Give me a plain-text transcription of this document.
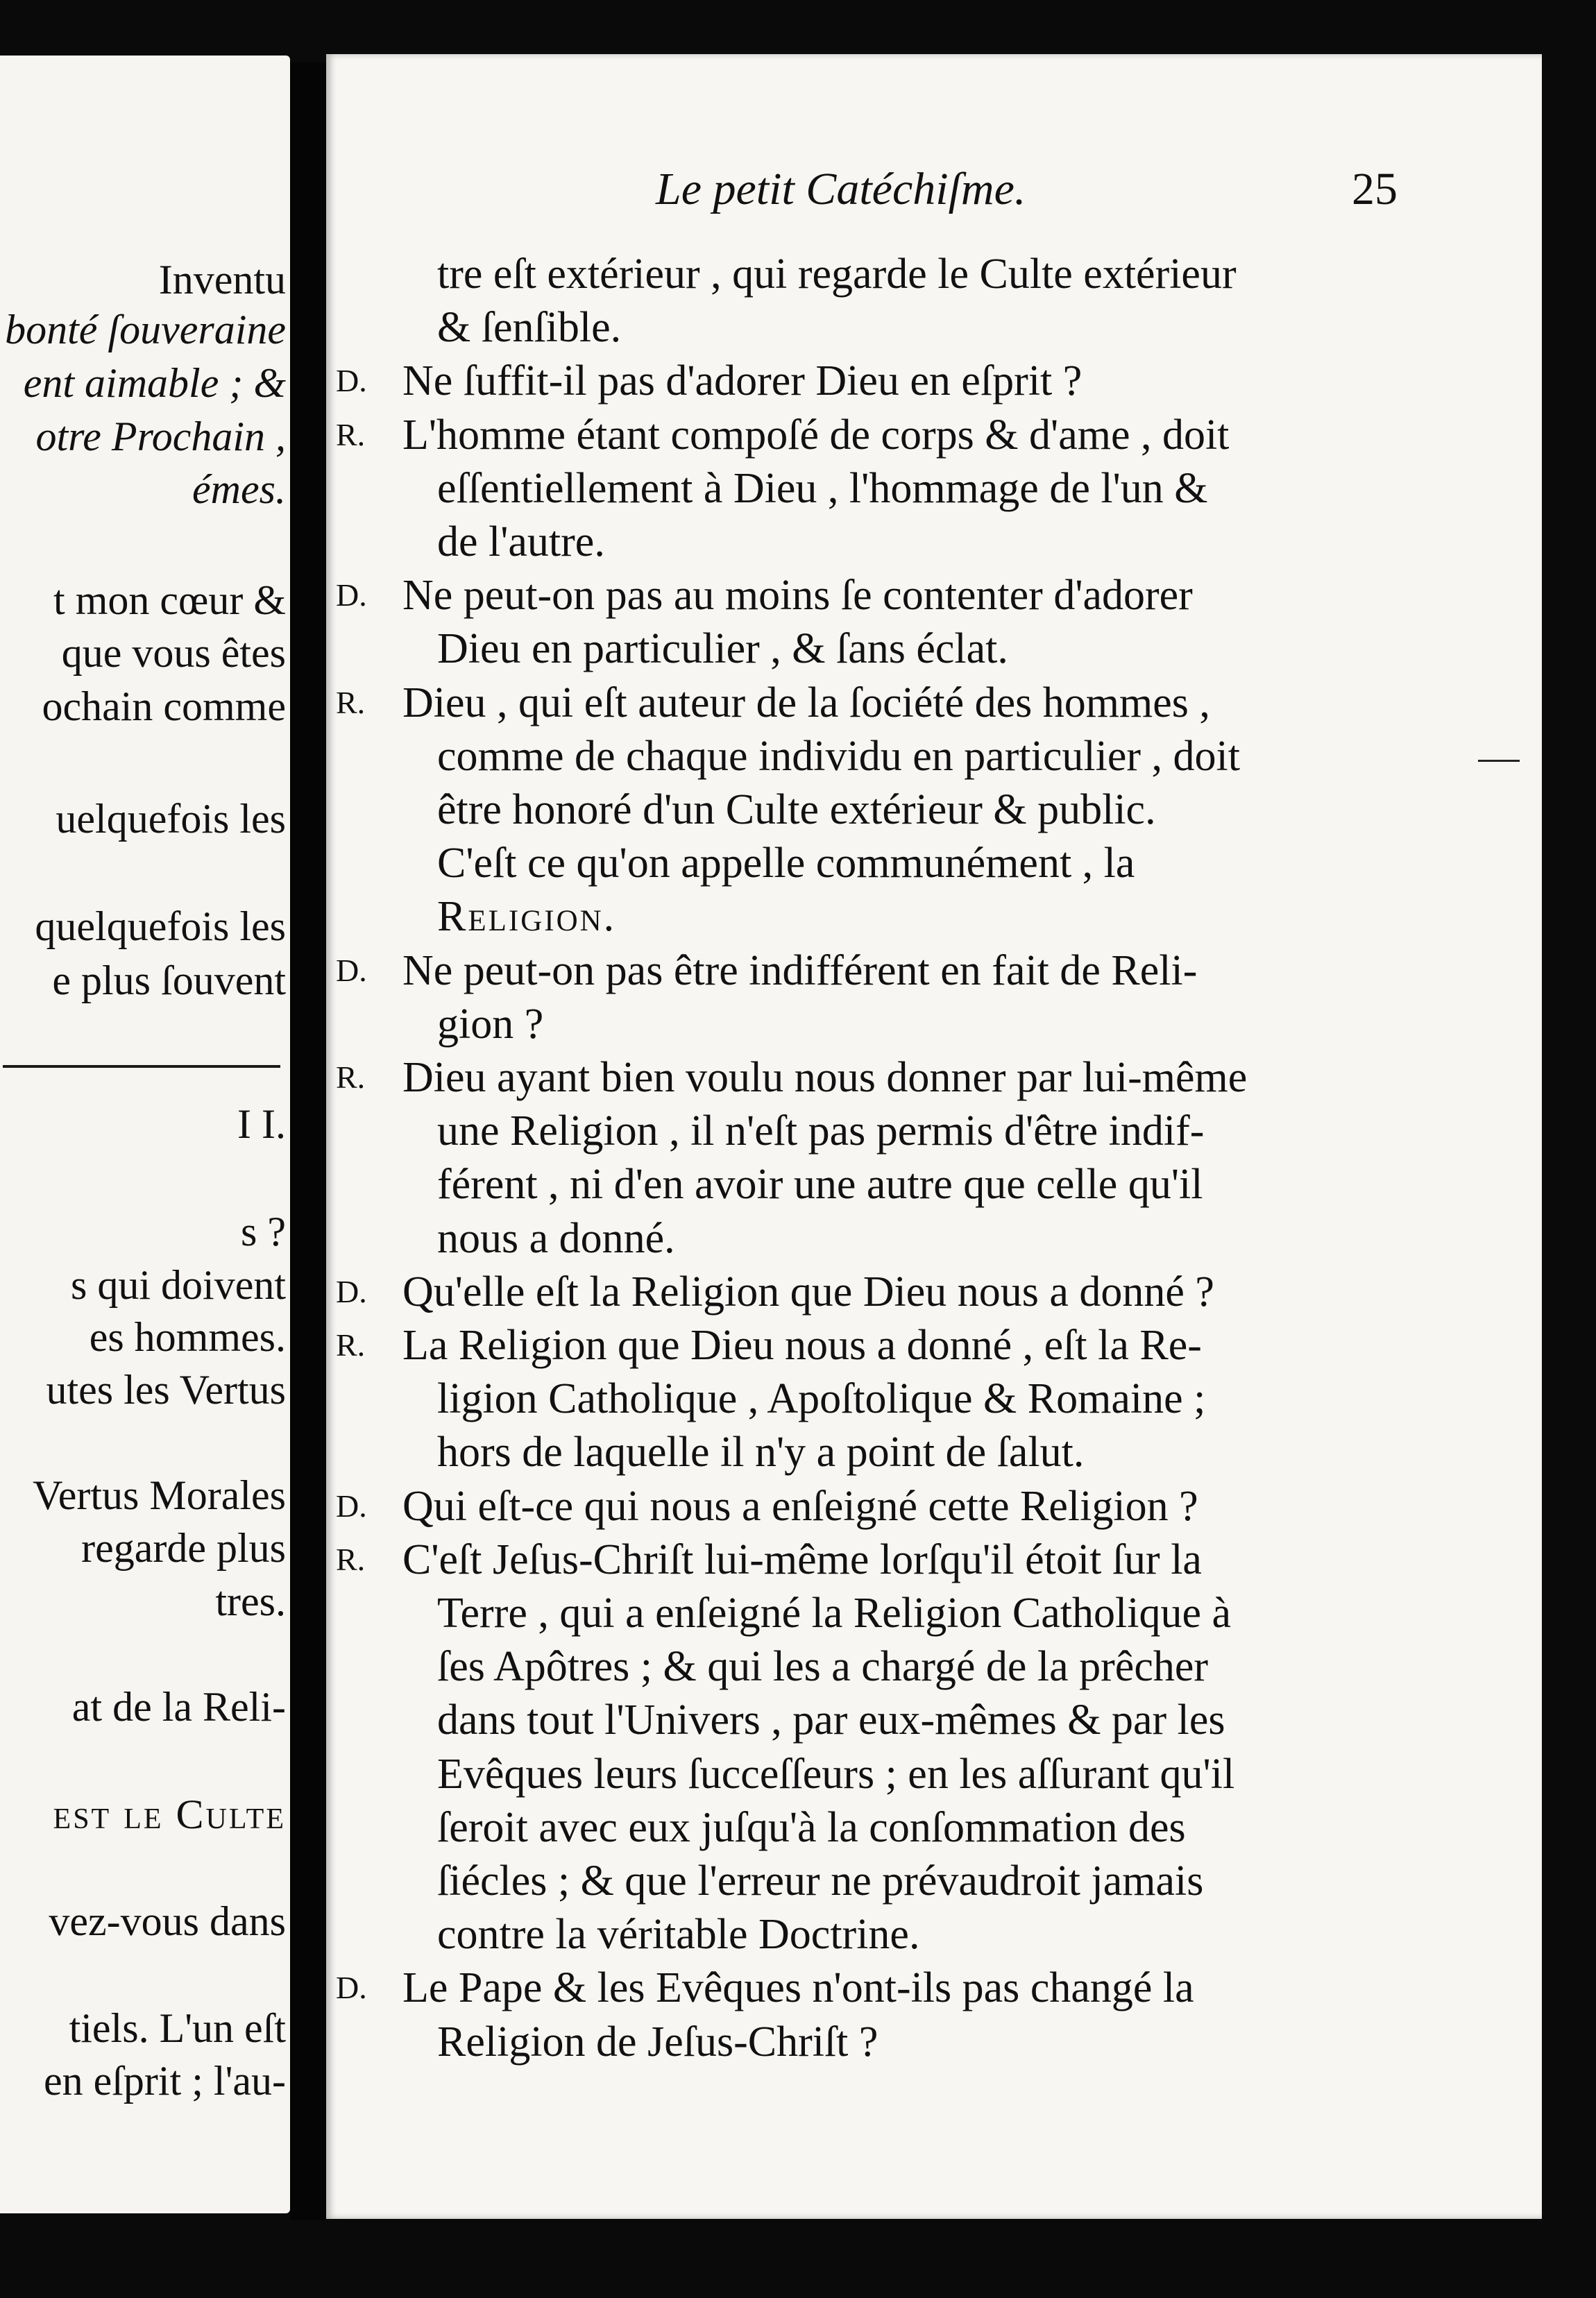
Inventu

bonté ſouveraine

ent aimable ; &

otre Prochain ,

émes.

t mon cœur &

que vous êtes

ochain comme

uelquefois les

quelquefois les

e plus ſouvent

I I.

s ?

s qui doivent

es hommes.

utes les Vertus

Vertus Morales

regarde plus

tres.

at de la Reli-

eſt le Culte

vez-vous dans

tiels. L'un eſt

en eſprit ; l'au-

Le petit Catéchiſme.	25

tre eſt extérieur , qui regarde le Culte extérieur

& ſenſible.

D. Ne ſuffit-il pas d'adorer Dieu en eſprit ?

R. L'homme étant compoſé de corps & d'ame , doit

eſſentiellement à Dieu , l'hommage de l'un &

de l'autre.

D. Ne peut-on pas au moins ſe contenter d'adorer

Dieu en particulier , & ſans éclat.

R. Dieu , qui eſt auteur de la ſociété des hommes ,

comme de chaque individu en particulier , doit

être honoré d'un Culte extérieur & public.

C'eſt ce qu'on appelle communément , la

Religion.

D. Ne peut-on pas être indifférent en fait de Reli-

gion ?

R. Dieu ayant bien voulu nous donner par lui-même

une Religion , il n'eſt pas permis d'être indif-

férent , ni d'en avoir une autre que celle qu'il

nous a donné.

D. Qu'elle eſt la Religion que Dieu nous a donné ?

R. La Religion que Dieu nous a donné , eſt la Re-

ligion Catholique , Apoſtolique & Romaine ;

hors de laquelle il n'y a point de ſalut.

D. Qui eſt-ce qui nous a enſeigné cette Religion ?

R. C'eſt Jeſus-Chriſt lui-même lorſqu'il étoit ſur la

Terre , qui a enſeigné la Religion Catholique à

ſes Apôtres ; & qui les a chargé de la prêcher

dans tout l'Univers , par eux-mêmes & par les

Evêques leurs ſucceſſeurs ; en les aſſurant qu'il

ſeroit avec eux juſqu'à la conſommation des

ſiécles ; & que l'erreur ne prévaudroit jamais

contre la véritable Doctrine.

D. Le Pape & les Evêques n'ont-ils pas changé la

Religion de Jeſus-Chriſt ?
